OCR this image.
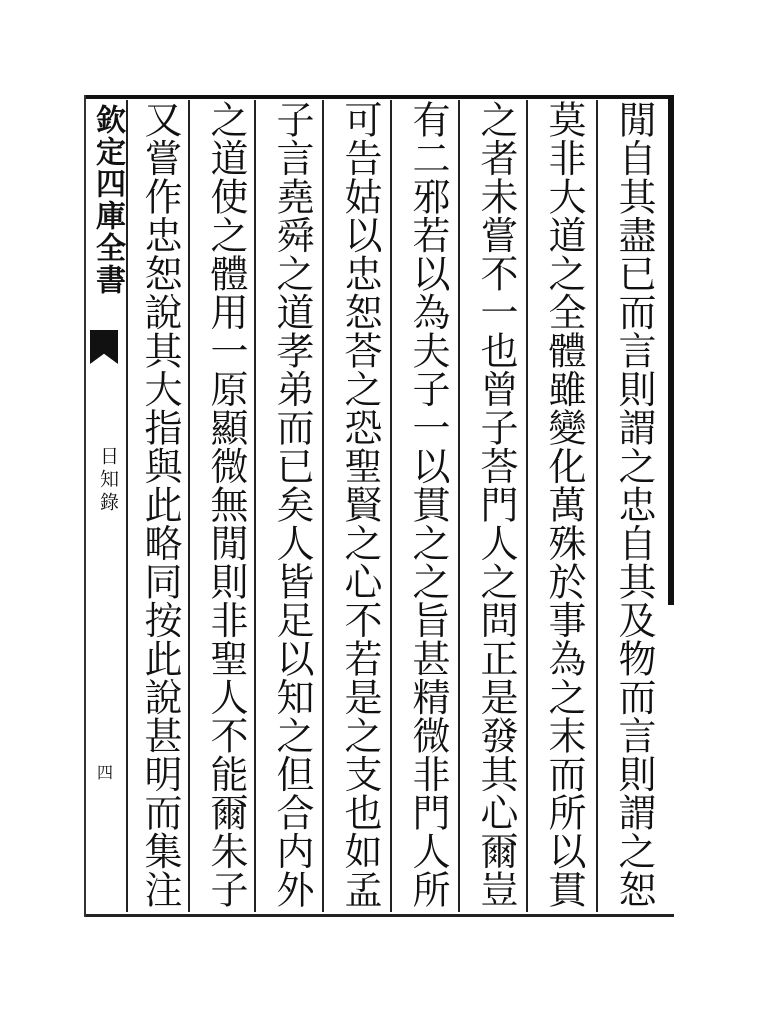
欽定四庫全書
日知錄
四	閒自其盡已而言則謂之忠自其及物而言則謂之恕
莫非大道之全體雖變化萬殊於事為之末而所以貫
之者未嘗不一也曾子荅門人之問正是發其心爾豈
有二邪若以為夫子一以貫之之旨甚精微非門人所
可告姑以忠恕荅之恐聖賢之心不若是之支也如孟
子言堯舜之道孝弟而已矣人皆足以知之但合内外
之道使之體用一原顯微無閒則非聖人不能爾朱子
又嘗作忠恕說其大指與此略同按此說甚明而集注
